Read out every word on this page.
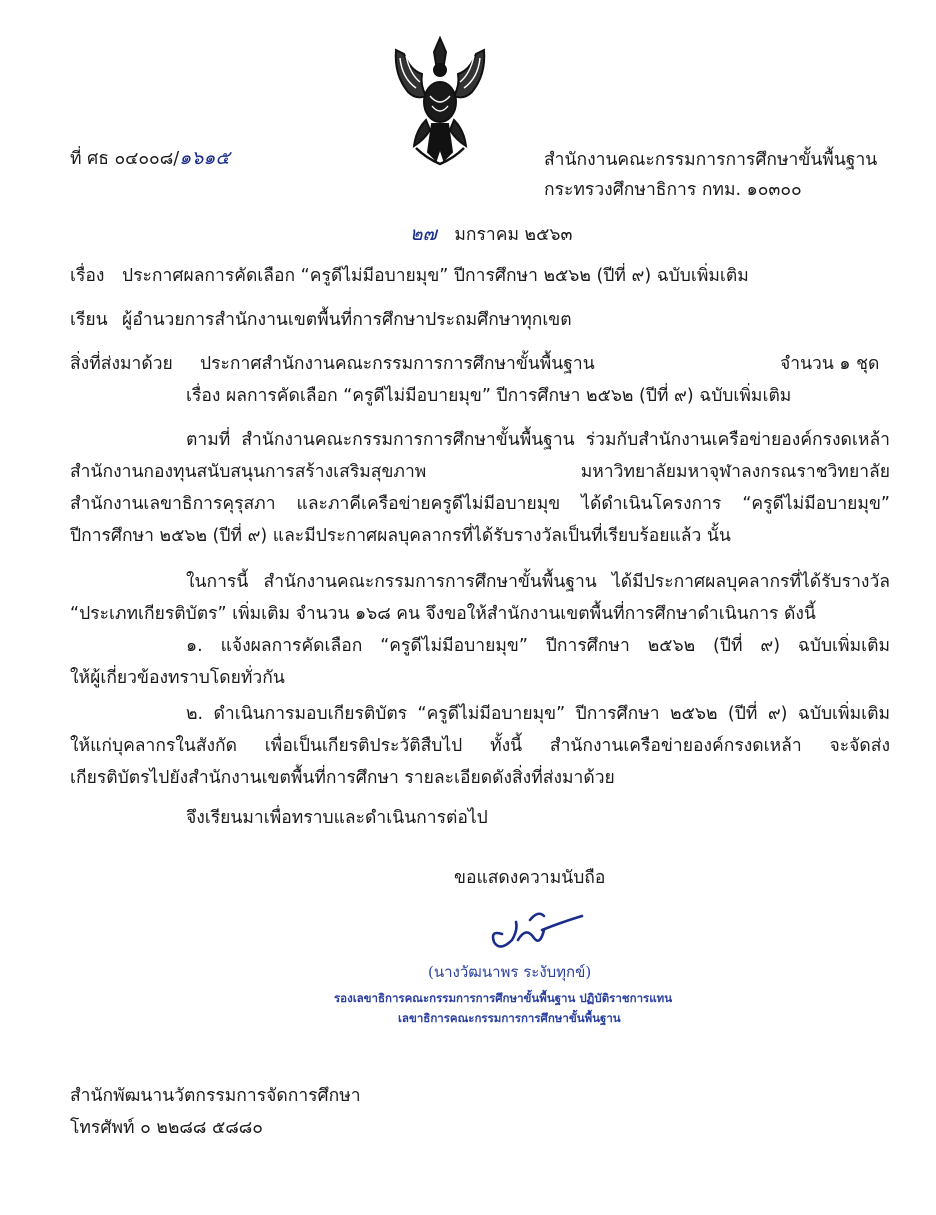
ที่ ศธ ๐๔๐๐๘/๑๖๑๕	สำนักงานคณะกรรมการการศึกษาขั้นพื้นฐาน
กระทรวงศึกษาธิการ กทม. ๑๐๓๐๐
๒๗ มกราคม ๒๕๖๓
เรื่อง ประกาศผลการคัดเลือก “ครูดีไม่มีอบายมุข” ปีการศึกษา ๒๕๖๒ (ปีที่ ๙) ฉบับเพิ่มเติม
เรียน ผู้อำนวยการสำนักงานเขตพื้นที่การศึกษาประถมศึกษาทุกเขต
สิ่งที่ส่งมาด้วย ประกาศสำนักงานคณะกรรมการการศึกษาขั้นพื้นฐาน	จำนวน ๑ ชุด
เรื่อง ผลการคัดเลือก “ครูดีไม่มีอบายมุข” ปีการศึกษา ๒๕๖๒ (ปีที่ ๙) ฉบับเพิ่มเติม
ตามที่ สำนักงานคณะกรรมการการศึกษาขั้นพื้นฐาน ร่วมกับสำนักงานเครือข่ายองค์กรงดเหล้า
สำนักงานกองทุนสนับสนุนการสร้างเสริมสุขภาพ มหาวิทยาลัยมหาจุฬาลงกรณราชวิทยาลัย
สำนักงานเลขาธิการคุรุสภา และภาคีเครือข่ายครูดีไม่มีอบายมุข ได้ดำเนินโครงการ “ครูดีไม่มีอบายมุข”
ปีการศึกษา ๒๕๖๒ (ปีที่ ๙) และมีประกาศผลบุคลากรที่ได้รับรางวัลเป็นที่เรียบร้อยแล้ว นั้น
ในการนี้ สำนักงานคณะกรรมการการศึกษาขั้นพื้นฐาน ได้มีประกาศผลบุคลากรที่ได้รับรางวัล
“ประเภทเกียรติบัตร” เพิ่มเติม จำนวน ๑๖๘ คน จึงขอให้สำนักงานเขตพื้นที่การศึกษาดำเนินการ ดังนี้
๑. แจ้งผลการคัดเลือก “ครูดีไม่มีอบายมุข” ปีการศึกษา ๒๕๖๒ (ปีที่ ๙) ฉบับเพิ่มเติม
ให้ผู้เกี่ยวข้องทราบโดยทั่วกัน
๒. ดำเนินการมอบเกียรติบัตร “ครูดีไม่มีอบายมุข” ปีการศึกษา ๒๕๖๒ (ปีที่ ๙) ฉบับเพิ่มเติม
ให้แก่บุคลากรในสังกัด เพื่อเป็นเกียรติประวัติสืบไป ทั้งนี้ สำนักงานเครือข่ายองค์กรงดเหล้า จะจัดส่ง
เกียรติบัตรไปยังสำนักงานเขตพื้นที่การศึกษา รายละเอียดดังสิ่งที่ส่งมาด้วย
จึงเรียนมาเพื่อทราบและดำเนินการต่อไป
ขอแสดงความนับถือ
(นางวัฒนาพร ระงับทุกข์)
รองเลขาธิการคณะกรรมการการศึกษาขั้นพื้นฐาน ปฏิบัติราชการแทน
เลขาธิการคณะกรรมการการศึกษาขั้นพื้นฐาน
สำนักพัฒนานวัตกรรมการจัดการศึกษา
โทรศัพท์ ๐ ๒๒๘๘ ๕๘๘๐
